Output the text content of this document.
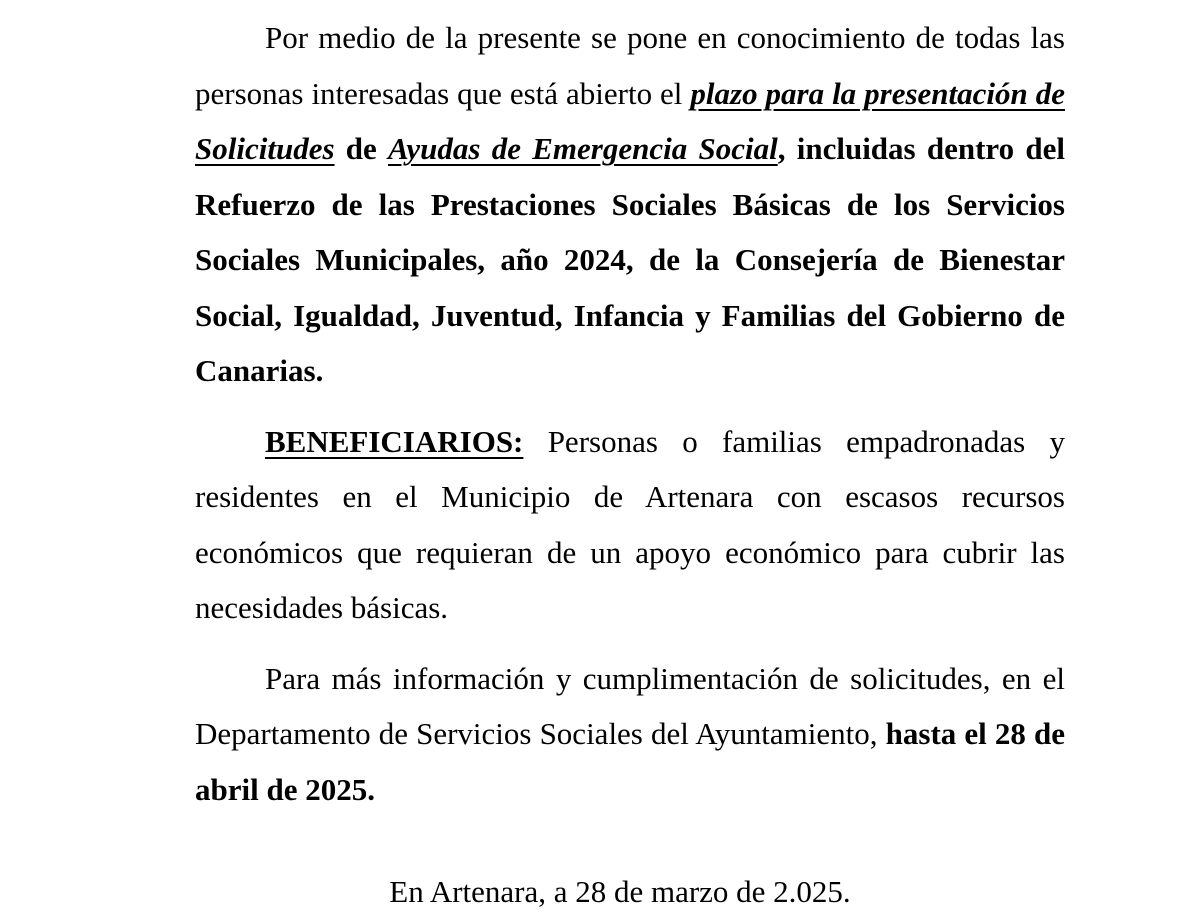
Por medio de la presente se pone en conocimiento de todas las personas interesadas que está abierto el plazo para la presentación de Solicitudes de Ayudas de Emergencia Social, incluidas dentro del Refuerzo de las Prestaciones Sociales Básicas de los Servicios Sociales Municipales, año 2024, de la Consejería de Bienestar Social, Igualdad, Juventud, Infancia y Familias del Gobierno de Canarias.

BENEFICIARIOS: Personas o familias empadronadas y residentes en el Municipio de Artenara con escasos recursos económicos que requieran de un apoyo económico para cubrir las necesidades básicas.

Para más información y cumplimentación de solicitudes, en el Departamento de Servicios Sociales del Ayuntamiento, hasta el 28 de abril de 2025.

En Artenara, a 28 de marzo de 2.025.
